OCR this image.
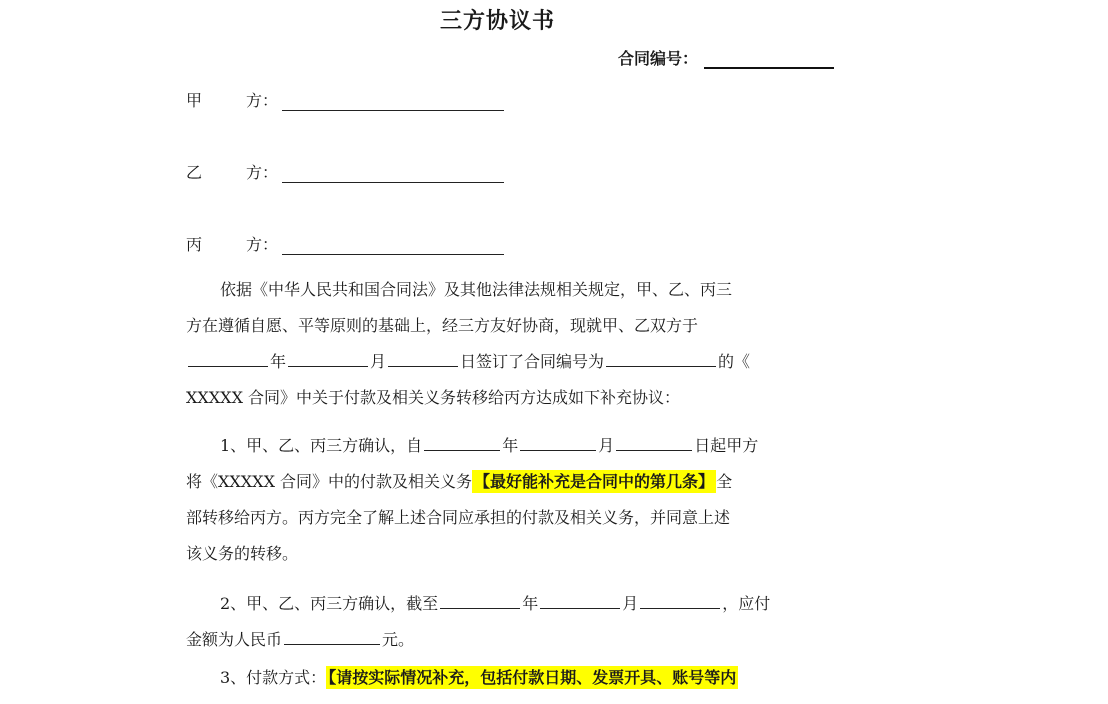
三方协议书
合同编号：
甲	方：
乙	方：
丙	方：
依据《中华人民共和国合同法》及其他法律法规相关规定，甲、乙、丙三
方在遵循自愿、平等原则的基础上，经三方友好协商，现就甲、乙双方于
年	月	日签订了合同编号为	的《
XXXXX 合同》中关于付款及相关义务转移给丙方达成如下补充协议：
1、甲、乙、丙三方确认，自	年	月	日起甲方
将《XXXXX 合同》中的付款及相关义务 【最好能补充是合同中的第几条】 全
部转移给丙方。丙方完全了解上述合同应承担的付款及相关义务，并同意上述
该义务的转移。
2、甲、乙、丙三方确认，截至	年	月	，应付
金额为人民币	元。
3、付款方式： 【请按实际情况补充，包括付款日期、发票开具、账号等内
